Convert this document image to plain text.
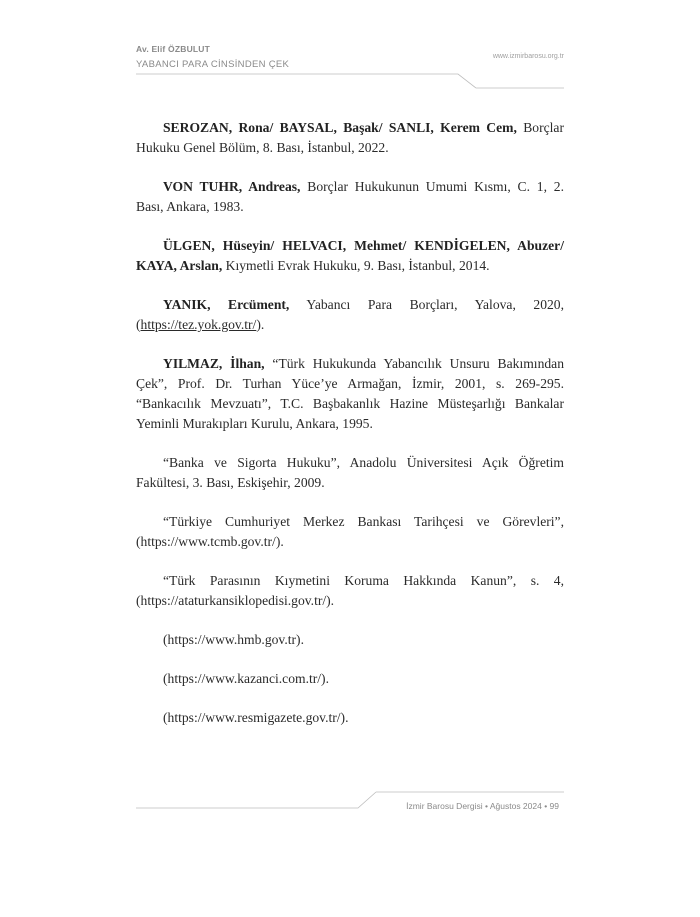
Av. Elif ÖZBULUT
YABANCI PARA CİNSİNDEN ÇEK
www.izmirbarosu.org.tr

SEROZAN, Rona/ BAYSAL, Başak/ SANLI, Kerem Cem, Borçlar Hukuku Genel Bölüm, 8. Bası, İstanbul, 2022.

VON TUHR, Andreas, Borçlar Hukukunun Umumi Kısmı, C. 1, 2. Bası, Ankara, 1983.

ÜLGEN, Hüseyin/ HELVACI, Mehmet/ KENDİGELEN, Abuzer/ KAYA, Arslan, Kıymetli Evrak Hukuku, 9. Bası, İstanbul, 2014.

YANIK, Ercüment, Yabancı Para Borçları, Yalova, 2020, (https://tez.yok.gov.tr/).

YILMAZ, İlhan, “Türk Hukukunda Yabancılık Unsuru Bakımından Çek”, Prof. Dr. Turhan Yüce’ye Armağan, İzmir, 2001, s. 269-295. “Bankacılık Mevzuatı”, T.C. Başbakanlık Hazine Müsteşarlığı Bankalar Yeminli Murakıpları Kurulu, Ankara, 1995.

“Banka ve Sigorta Hukuku”, Anadolu Üniversitesi Açık Öğretim Fakültesi, 3. Bası, Eskişehir, 2009.

“Türkiye Cumhuriyet Merkez Bankası Tarihçesi ve Görevleri”, (https://www.tcmb.gov.tr/).

“Türk Parasının Kıymetini Koruma Hakkında Kanun”, s. 4, (https://ataturkansiklopedisi.gov.tr/).

(https://www.hmb.gov.tr).

(https://www.kazanci.com.tr/).

(https://www.resmigazete.gov.tr/).

İzmir Barosu Dergisi • Ağustos 2024 • 99
